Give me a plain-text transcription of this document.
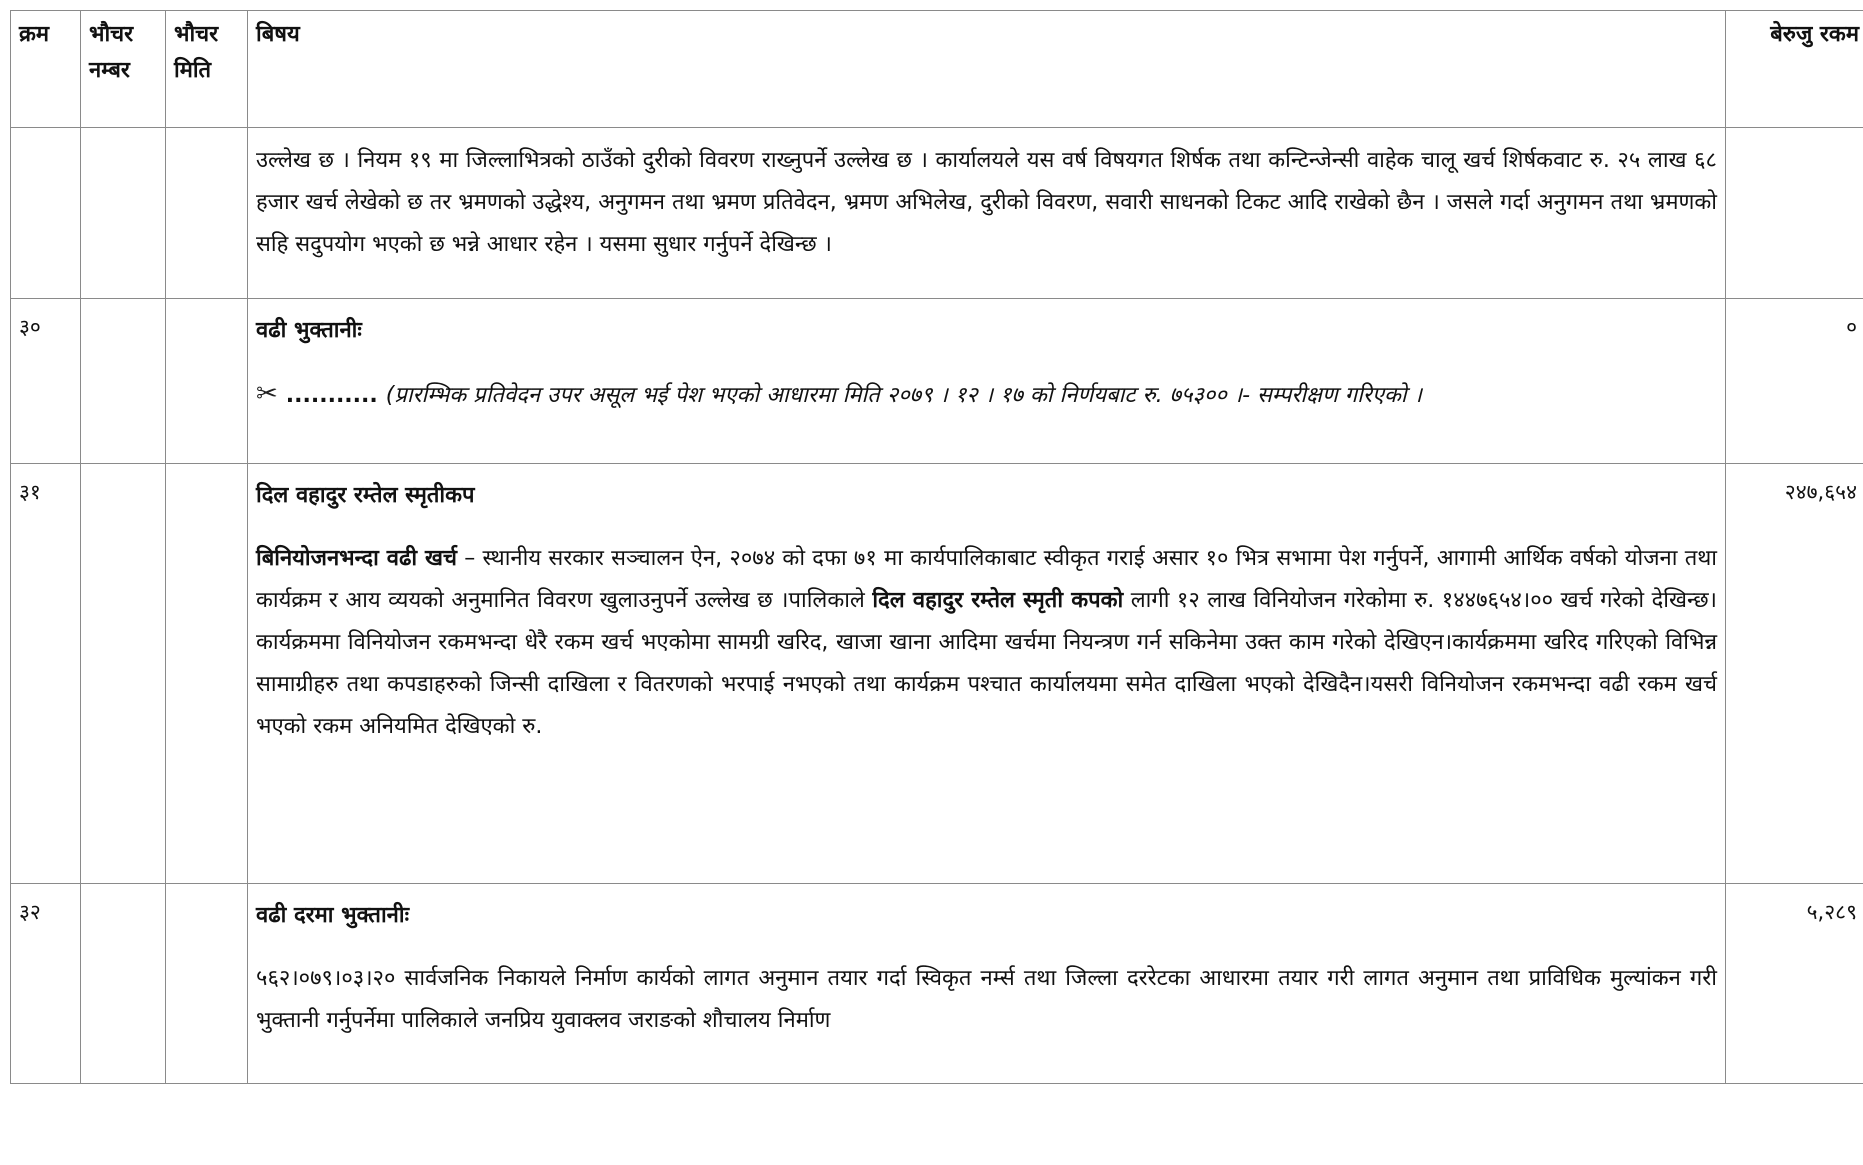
क्रम	भौचर नम्बर	भौचर मिति	बिषय	बेरुजु रकम

			उल्लेख छ । नियम १९ मा जिल्लाभित्रको ठाउँको दुरीको विवरण राख्नुपर्ने उल्लेख छ । कार्यालयले यस वर्ष विषयगत शिर्षक तथा कन्टिन्जेन्सी वाहेक चालू खर्च शिर्षकवाट रु. २५ लाख ६८ हजार खर्च लेखेको छ तर भ्रमणको उद्धेश्य, अनुगमन तथा भ्रमण प्रतिवेदन, भ्रमण अभिलेख, दुरीको विवरण, सवारी साधनको टिकट आदि राखेको छैन । जसले गर्दा अनुगमन तथा भ्रमणको सहि सदुपयोग भएको छ भन्ने आधार रहेन । यसमा सुधार गर्नुपर्ने देखिन्छ ।	

३०			वढी भुक्तानीः

✂ ........... (प्रारम्भिक प्रतिवेदन उपर असूल भई पेश भएको आधारमा मिति २०७९ । १२ । १७ को निर्णयबाट रु. ७५३०० ।- सम्परीक्षण गरिएको ।	०
३१			दिल वहादुर रम्तेल स्मृतीकप

बिनियोजनभन्दा वढी खर्च – स्थानीय सरकार सञ्चालन ऐन, २०७४ को दफा ७१ मा कार्यपालिकाबाट स्वीकृत गराई असार १० भित्र सभामा पेश गर्नुपर्ने, आगामी आर्थिक वर्षको योजना तथा कार्यक्रम र आय व्ययको अनुमानित विवरण खुलाउनुपर्ने उल्लेख छ ।पालिकाले दिल वहादुर रम्तेल स्मृती कपको लागी १२ लाख विनियोजन गरेकोमा रु. १४४७६५४।०० खर्च गरेको देखिन्छ। कार्यक्रममा विनियोजन रकमभन्दा धेरै रकम खर्च भएकोमा सामग्री खरिद, खाजा खाना आदिमा खर्चमा नियन्त्रण गर्न सकिनेमा उक्त काम गरेको देखिएन।कार्यक्रममा खरिद गरिएको विभिन्न सामाग्रीहरु तथा कपडाहरुको जिन्सी दाखिला र वितरणको भरपाई नभएको तथा कार्यक्रम पश्चात कार्यालयमा समेत दाखिला भएको देखिदैन।यसरी विनियोजन रकमभन्दा वढी रकम खर्च भएको रकम अनियमित देखिएको रु.	२४७,६५४
३२			वढी दरमा भुक्तानीः

५६२।०७९।०३।२० सार्वजनिक निकायले निर्माण कार्यको लागत अनुमान तयार गर्दा स्विकृत नर्म्स तथा जिल्ला दररेटका आधारमा तयार गरी लागत अनुमान तथा प्राविधिक मुल्यांकन गरी भुक्तानी गर्नुपर्नेमा पालिकाले जनप्रिय युवाक्लव जराङको शौचालय निर्माण	५,२८९
